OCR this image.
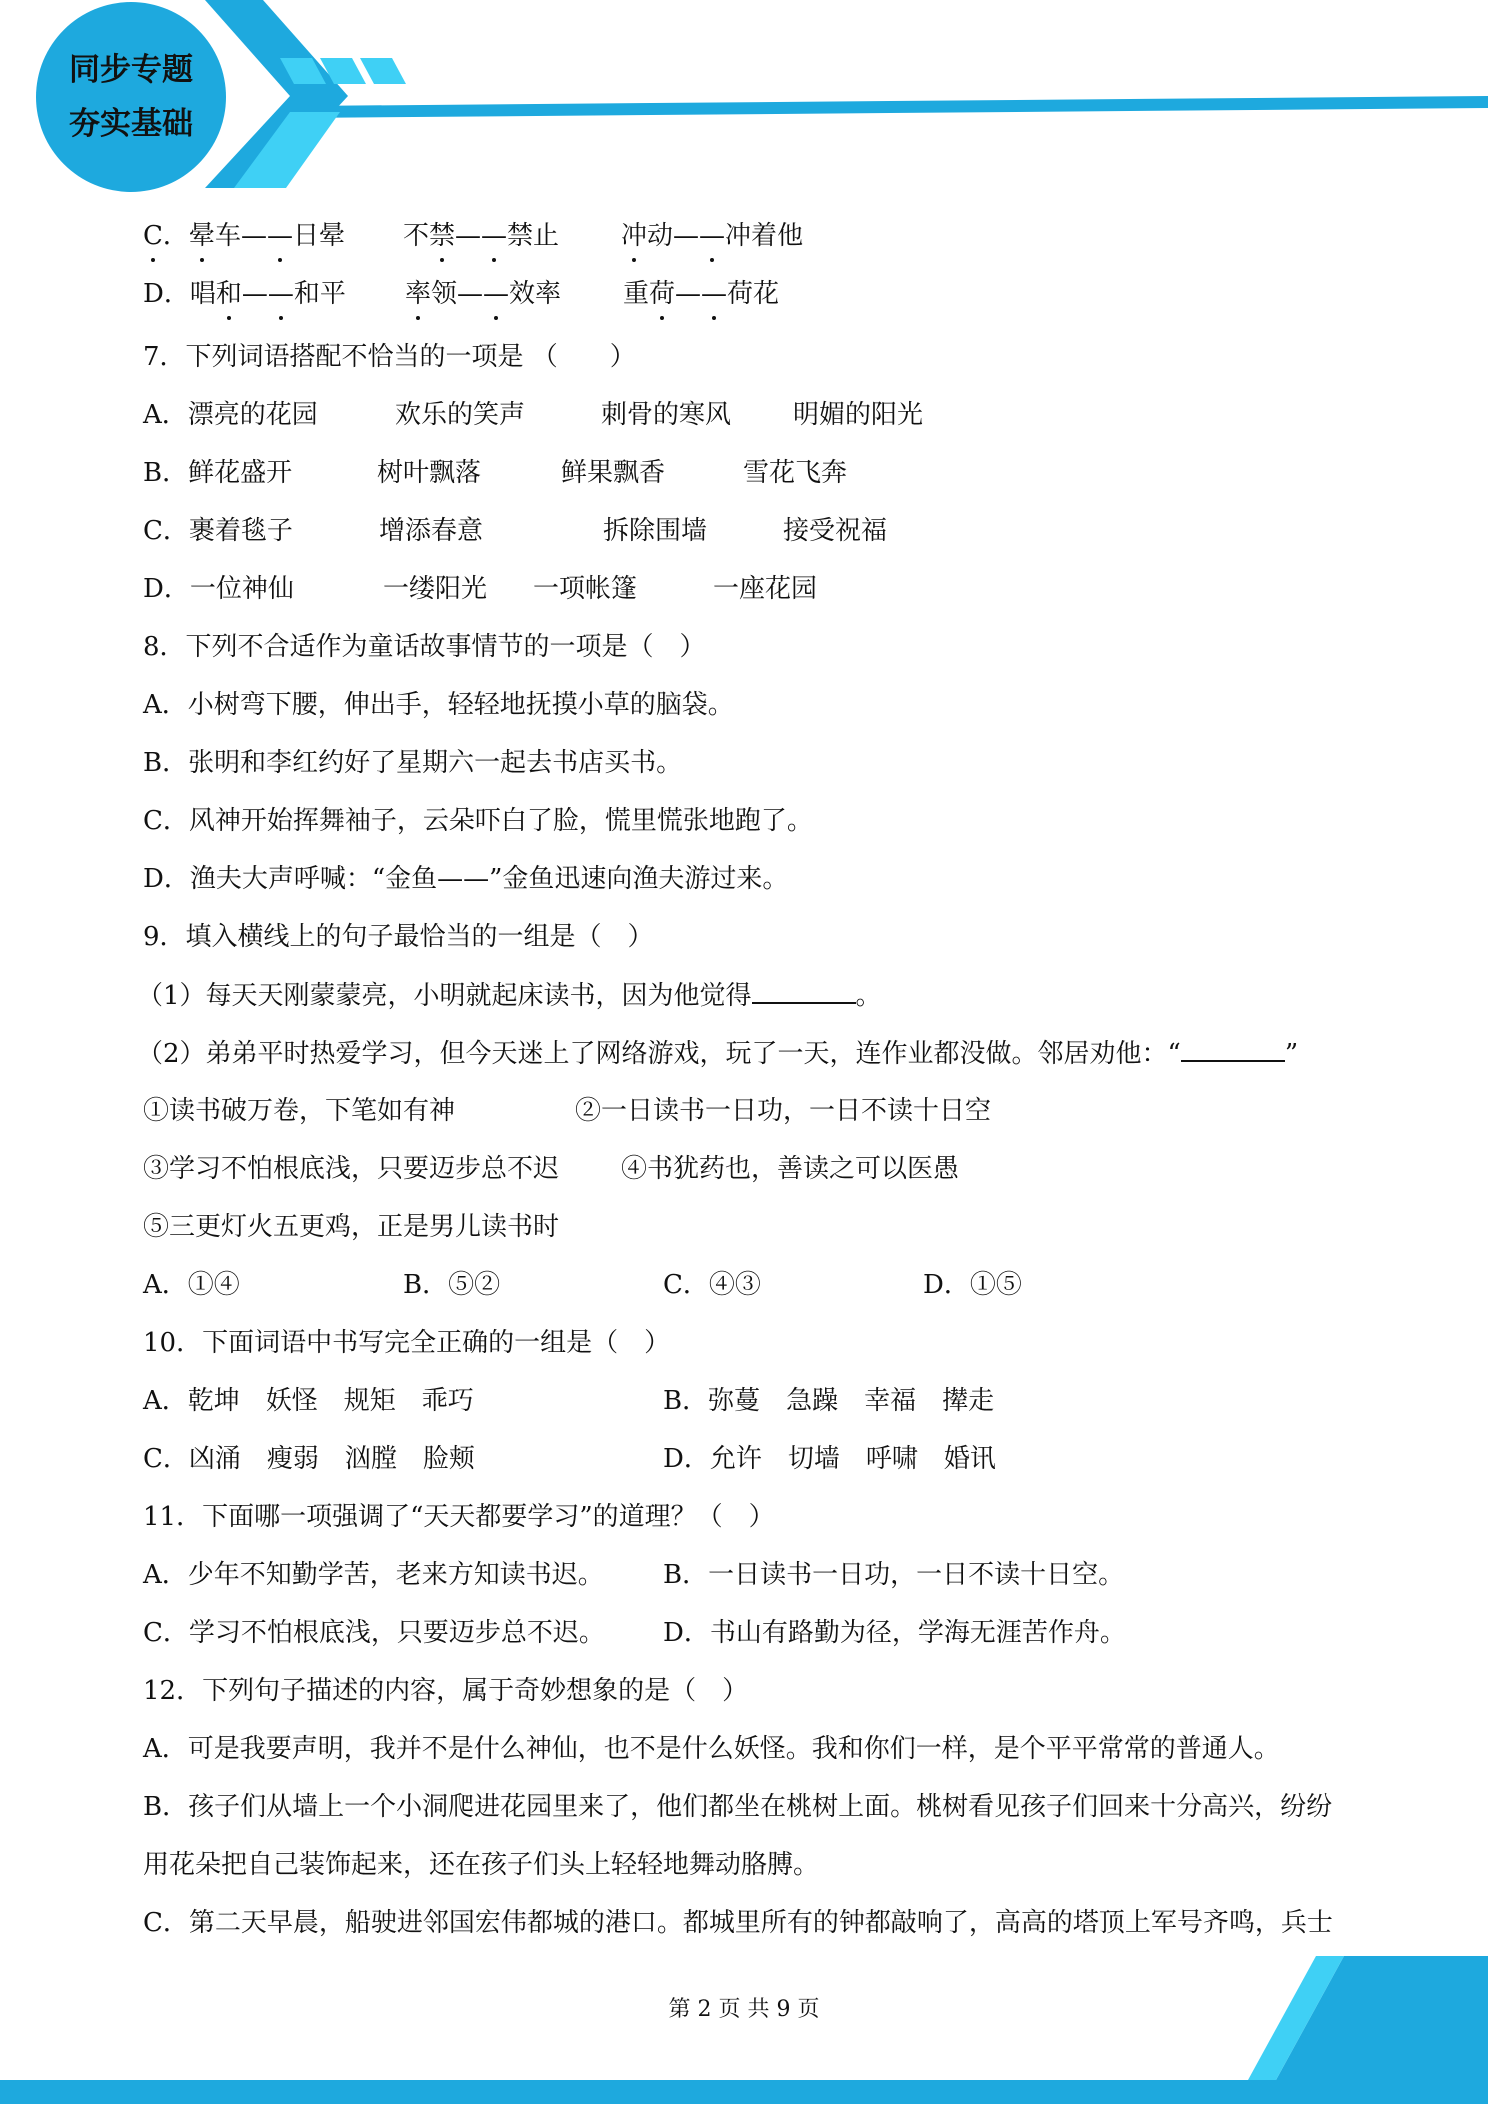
同步专题
夯实基础
C．晕车——日晕 不禁——禁止 冲动——冲着他
D．唱和——和平 率领——效率 重荷——荷花
7．下列词语搭配不恰当的一项是 （　　）
A．漂亮的花园	欢乐的笑声	刺骨的寒风 明媚的阳光
B．鲜花盛开	树叶飘落	鲜果飘香	雪花飞奔
C．裹着毯子	增添春意	拆除围墙	接受祝福
D．一位神仙	一缕阳光 一项帐篷	一座花园
8．下列不合适作为童话故事情节的一项是（　）
A．小树弯下腰，伸出手，轻轻地抚摸小草的脑袋。
B．张明和李红约好了星期六一起去书店买书。
C．风神开始挥舞袖子，云朵吓白了脸，慌里慌张地跑了。
D．渔夫大声呼喊：“金鱼——”金鱼迅速向渔夫游过来。
9．填入横线上的句子最恰当的一组是（　）
（1）每天天刚蒙蒙亮，小明就起床读书，因为他觉得	。
（2）弟弟平时热爱学习，但今天迷上了网络游戏，玩了一天，连作业都没做。邻居劝他：“	”
①读书破万卷，下笔如有神	②一日读书一日功，一日不读十日空
③学习不怕根底浅，只要迈步总不迟 ④书犹药也，善读之可以医愚
⑤三更灯火五更鸡，正是男儿读书时
A．①④	B．⑤②	C．④③	D．①⑤
10．下面词语中书写完全正确的一组是（　）
A．乾坤　妖怪　规矩　乖巧	B．弥蔓　急躁　幸福　撵走
C．凶涌　瘦弱　汹膛　脸颊	D．允许　切墙　呼啸　婚讯
11．下面哪一项强调了“天天都要学习”的道理？（　）
A．少年不知勤学苦，老来方知读书迟。 B．一日读书一日功，一日不读十日空。
C．学习不怕根底浅，只要迈步总不迟。 D．书山有路勤为径，学海无涯苦作舟。
12．下列句子描述的内容，属于奇妙想象的是（　）
A．可是我要声明，我并不是什么神仙，也不是什么妖怪。我和你们一样，是个平平常常的普通人。
B．孩子们从墙上一个小洞爬进花园里来了，他们都坐在桃树上面。桃树看见孩子们回来十分高兴，纷纷
用花朵把自己装饰起来，还在孩子们头上轻轻地舞动胳膊。
C．第二天早晨，船驶进邻国宏伟都城的港口。都城里所有的钟都敲响了，高高的塔顶上军号齐鸣，兵士
第 2 页 共 9 页
